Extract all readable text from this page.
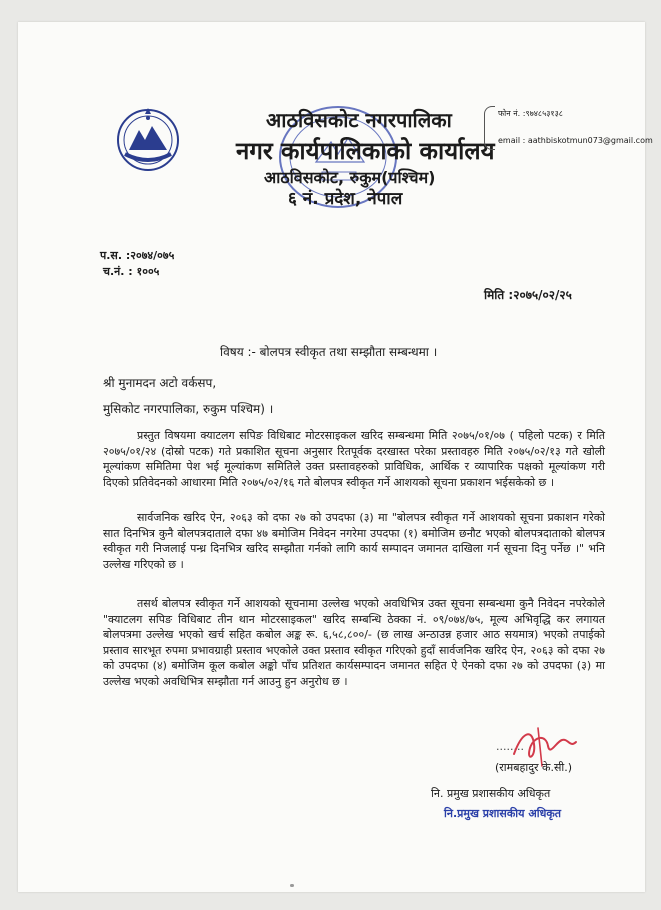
आठविसकोट नगरपालिका
नगर कार्यपालिकाको कार्यालय
आठविसकोट, रुकुम(पश्चिम)
६ नं. प्रदेश, नेपाल
फोन नं. :९७४८५३१३८
email : aathbiskotmun073@gmail.com
प.स. :२०७४/०७५
च.नं. : १००५
मिति :२०७५/०२/२५
विषय :- बोलपत्र स्वीकृत तथा सम्झौता सम्बन्धमा ।
श्री मुनामदन अटो वर्कसप,
मुसिकोट नगरपालिका, रुकुम पश्चिम) ।

प्रस्तुत विषयमा क्याटलग सपिङ विधिबाट मोटरसाइकल खरिद सम्बन्धमा मिति २०७५/०१/०७ ( पहिलो पटक) र मिति २०७५/०१/२४ (दोस्रो पटक) गते प्रकाशित सूचना अनुसार रितपूर्वक दरखास्त परेका प्रस्तावहरु मिति २०७५/०२/१३ गते खोली मूल्यांकण समितिमा पेश भई मूल्यांकण समितिले उक्त प्रस्तावहरुको प्राविधिक, आर्थिक र व्यापारिक पक्षको मूल्यांकण गरी दिएको प्रतिवेदनको आधारमा मिति २०७५/०२/१६ गते बोलपत्र स्वीकृत गर्ने आशयको सूचना प्रकाशन भईसकेको छ ।

सार्वजनिक खरिद ऐन, २०६३ को दफा २७ को उपदफा (३) मा "बोलपत्र स्वीकृत गर्ने आशयको सूचना प्रकाशन गरेको सात दिनभित्र कुनै बोलपत्रदाताले दफा ४७ बमोजिम निवेदन नगरेमा उपदफा (१) बमोजिम छनौट भएको बोलपत्रदाताको बोलपत्र स्वीकृत गरी निजलाई पन्ध्र दिनभित्र खरिद सम्झौता गर्नको लागि कार्य सम्पादन जमानत दाखिला गर्न सूचना दिनु पर्नेछ ।" भनि उल्लेख गरिएको छ ।

तसर्थ बोलपत्र स्वीकृत गर्ने आशयको सूचनामा उल्लेख भएको अवधिभित्र उक्त सूचना सम्बन्धमा कुनै निवेदन नपरेकोले "क्याटलग सपिङ विधिबाट तीन थान मोटरसाइकल" खरिद सम्बन्धि ठेक्का नं. ०९/०७४/७५, मूल्य अभिवृद्धि कर लगायत बोलपत्रमा उल्लेख भएको खर्च सहित कबोल अङ्क रू. ६,५८,८००/- (छ लाख अन्ठाउन्न हजार आठ सयमात्र) भएको तपाईको प्रस्ताव सारभूत रुपमा प्रभावग्राही प्रस्ताव भएकोले उक्त प्रस्ताव स्वीकृत गरिएको हुदाँ सार्वजनिक खरिद ऐन, २०६३ को दफा २७ को उपदफा (४) बमोजिम कूल कबोल अङ्को पाँच प्रतिशत कार्यसम्पादन जमानत सहित ऐ ऐनको दफा २७ को उपदफा (३) मा उल्लेख भएको अवधिभित्र सम्झौता गर्न आउनु हुन अनुरोध छ ।

........
(रामबहादुर के.सी.)
नि. प्रमुख प्रशासकीय अधिकृत
नि.प्रमुख प्रशासकीय अधिकृत
